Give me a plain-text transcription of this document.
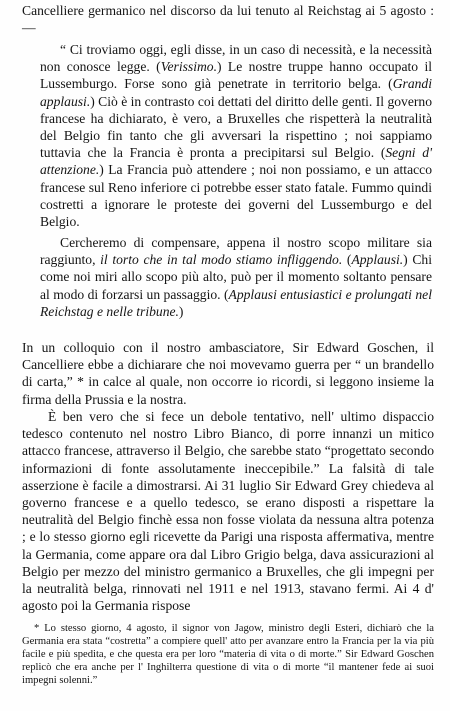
Cancelliere germanico nel discorso da lui tenuto al Reichstag ai 5 agosto :—

“ Ci troviamo oggi, egli disse, in un caso di necessità, e la necessità non conosce legge. (Verissimo.) Le nostre truppe hanno occupato il Lussemburgo. Forse sono già penetrate in territorio belga. (Grandi applausi.) Ciò è in contrasto coi dettati del diritto delle genti. Il governo francese ha dichiarato, è vero, a Bruxelles che rispetterà la neutralità del Belgio fin tanto che gli avversari la rispettino ; noi sappiamo tuttavia che la Francia è pronta a precipitarsi sul Belgio. (Segni d' attenzione.) La Francia può attendere ; noi non possiamo, e un attacco francese sul Reno inferiore ci potrebbe esser stato fatale. Fummo quindi costretti a ignorare le proteste dei governi del Lussemburgo e del Belgio.

Cercheremo di compensare, appena il nostro scopo militare sia raggiunto, il torto che in tal modo stiamo infliggendo. (Applausi.) Chi come noi miri allo scopo più alto, può per il momento soltanto pensare al modo di forzarsi un passaggio. (Applausi entusiastici e prolungati nel Reichstag e nelle tribune.)

In un colloquio con il nostro ambasciatore, Sir Edward Goschen, il Cancelliere ebbe a dichiarare che noi movevamo guerra per “ un brandello di carta,” * in calce al quale, non occorre io ricordi, si leggono insieme la firma della Prussia e la nostra.

È ben vero che si fece un debole tentativo, nell' ultimo dispaccio tedesco contenuto nel nostro Libro Bianco, di porre innanzi un mitico attacco francese, attraverso il Belgio, che sarebbe stato “progettato secondo informazioni di fonte assolutamente ineccepibile.” La falsità di tale asserzione è facile a dimostrarsi. Ai 31 luglio Sir Edward Grey chiedeva al governo francese e a quello tedesco, se erano disposti a rispettare la neutralità del Belgio finchè essa non fosse violata da nessuna altra potenza ; e lo stesso giorno egli ricevette da Parigi una risposta affermativa, mentre la Germania, come appare ora dal Libro Grigio belga, dava assicurazioni al Belgio per mezzo del ministro germanico a Bruxelles, che gli impegni per la neutralità belga, rinnovati nel 1911 e nel 1913, stavano fermi. Ai 4 d' agosto poi la Germania rispose

* Lo stesso giorno, 4 agosto, il signor von Jagow, ministro degli Esteri, dichiarò che la Germania era stata “costretta” a compiere quell' atto per avanzare entro la Francia per la via più facile e più spedita, e che questa era per loro “materia di vita o di morte.” Sir Edward Goschen replicò che era anche per l' Inghilterra questione di vita o di morte “il mantener fede ai suoi impegni solenni.”
